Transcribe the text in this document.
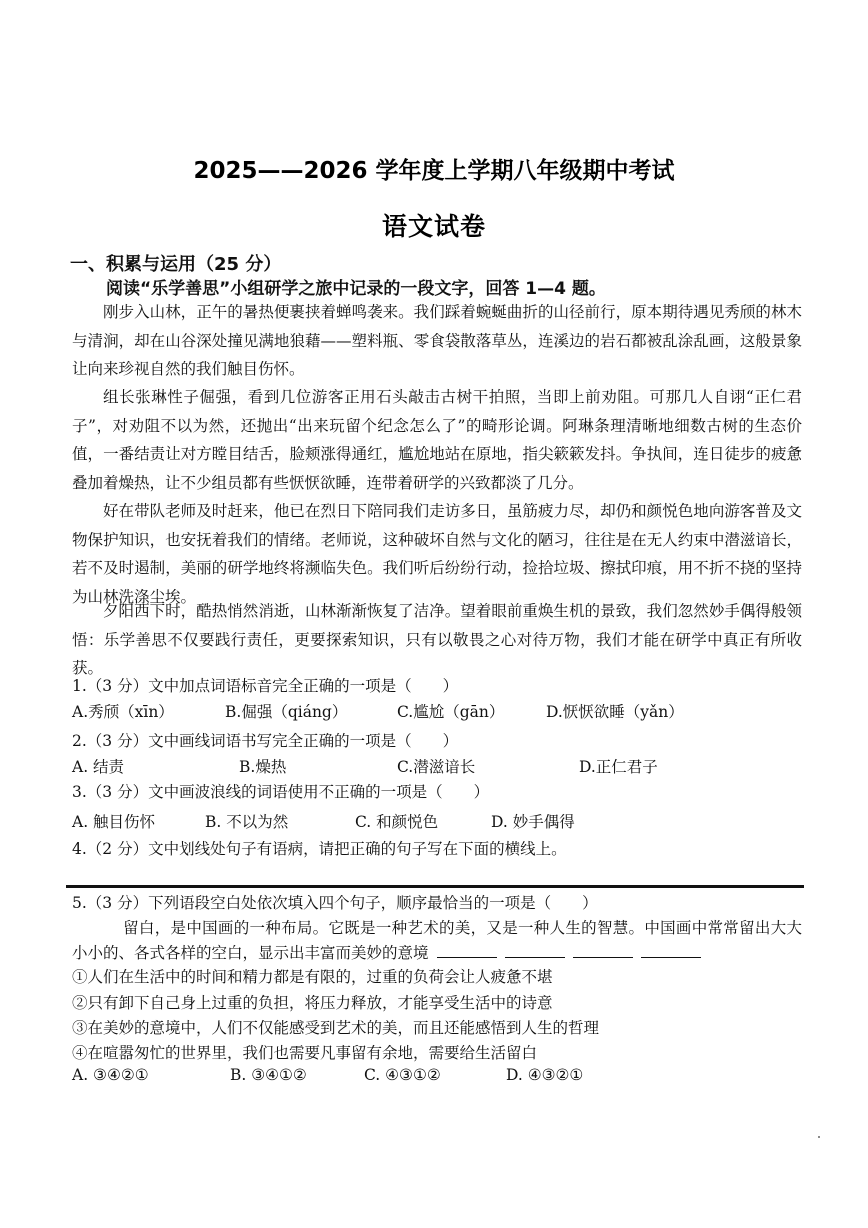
2025——2026 学年度上学期八年级期中考试
语文试卷
一、积累与运用（25 分）
阅读“乐学善思”小组研学之旅中记录的一段文字，回答 1—4 题。
刚步入山林，正午的暑热便裹挟着蝉鸣袭来。我们踩着蜿蜒曲折的山径前行，原本期待遇见秀颀的林木与清涧，却在山谷深处撞见满地狼藉——塑料瓶、零食袋散落草丛，连溪边的岩石都被乱涂乱画，这般景象让向来珍视自然的我们触目伤怀。
组长张琳性子倔强，看到几位游客正用石头敲击古树干拍照，当即上前劝阻。可那几人自诩“正仁君子”，对劝阻不以为然，还抛出“出来玩留个纪念怎么了”的畸形论调。阿琳条理清晰地细数古树的生态价值，一番结责让对方瞠目结舌，脸颊涨得通红，尴尬地站在原地，指尖簌簌发抖。争执间，连日徒步的疲惫叠加着燥热，让不少组员都有些恹恹欲睡，连带着研学的兴致都淡了几分。
好在带队老师及时赶来，他已在烈日下陪同我们走访多日，虽筋疲力尽，却仍和颜悦色地向游客普及文物保护知识，也安抚着我们的情绪。老师说，这种破坏自然与文化的陋习，往往是在无人约束中潜滋谙长，若不及时遏制，美丽的研学地终将濒临失色。我们听后纷纷行动，捡拾垃圾、擦拭印痕，用不折不挠的坚持为山林洗涤尘埃。
夕阳西下时，酷热悄然消逝，山林渐渐恢复了洁净。望着眼前重焕生机的景致，我们忽然妙手偶得般领悟：乐学善思不仅要践行责任，更要探索知识，只有以敬畏之心对待万物，我们才能在研学中真正有所收获。
1.（3 分）文中加点词语标音完全正确的一项是（　　）
A.秀颀（xīn）	B.倔强（qiáng）	C.尴尬（gān）	D.恹恹欲睡（yǎn）
2.（3 分）文中画线词语书写完全正确的一项是（　　）
A. 结责	B.燥热	C.潜滋谙长	D.正仁君子
3.（3 分）文中画波浪线的词语使用不正确的一项是（　　）
A. 触目伤怀	B. 不以为然	C. 和颜悦色	D. 妙手偶得
4.（2 分）文中划线处句子有语病，请把正确的句子写在下面的横线上。
5.（3 分）下列语段空白处依次填入四个句子，顺序最恰当的一项是（　　）
留白，是中国画的一种布局。它既是一种艺术的美，又是一种人生的智慧。中国画中常常留出大大小小的、各式各样的空白，显示出丰富而美妙的意境
①人们在生活中的时间和精力都是有限的，过重的负荷会让人疲惫不堪
②只有卸下自己身上过重的负担，将压力释放，才能享受生活中的诗意
③在美妙的意境中，人们不仅能感受到艺术的美，而且还能感悟到人生的哲理
④在喧嚣匆忙的世界里，我们也需要凡事留有余地，需要给生活留白
A. ③④②①	B. ③④①②	C. ④③①②	D. ④③②①
